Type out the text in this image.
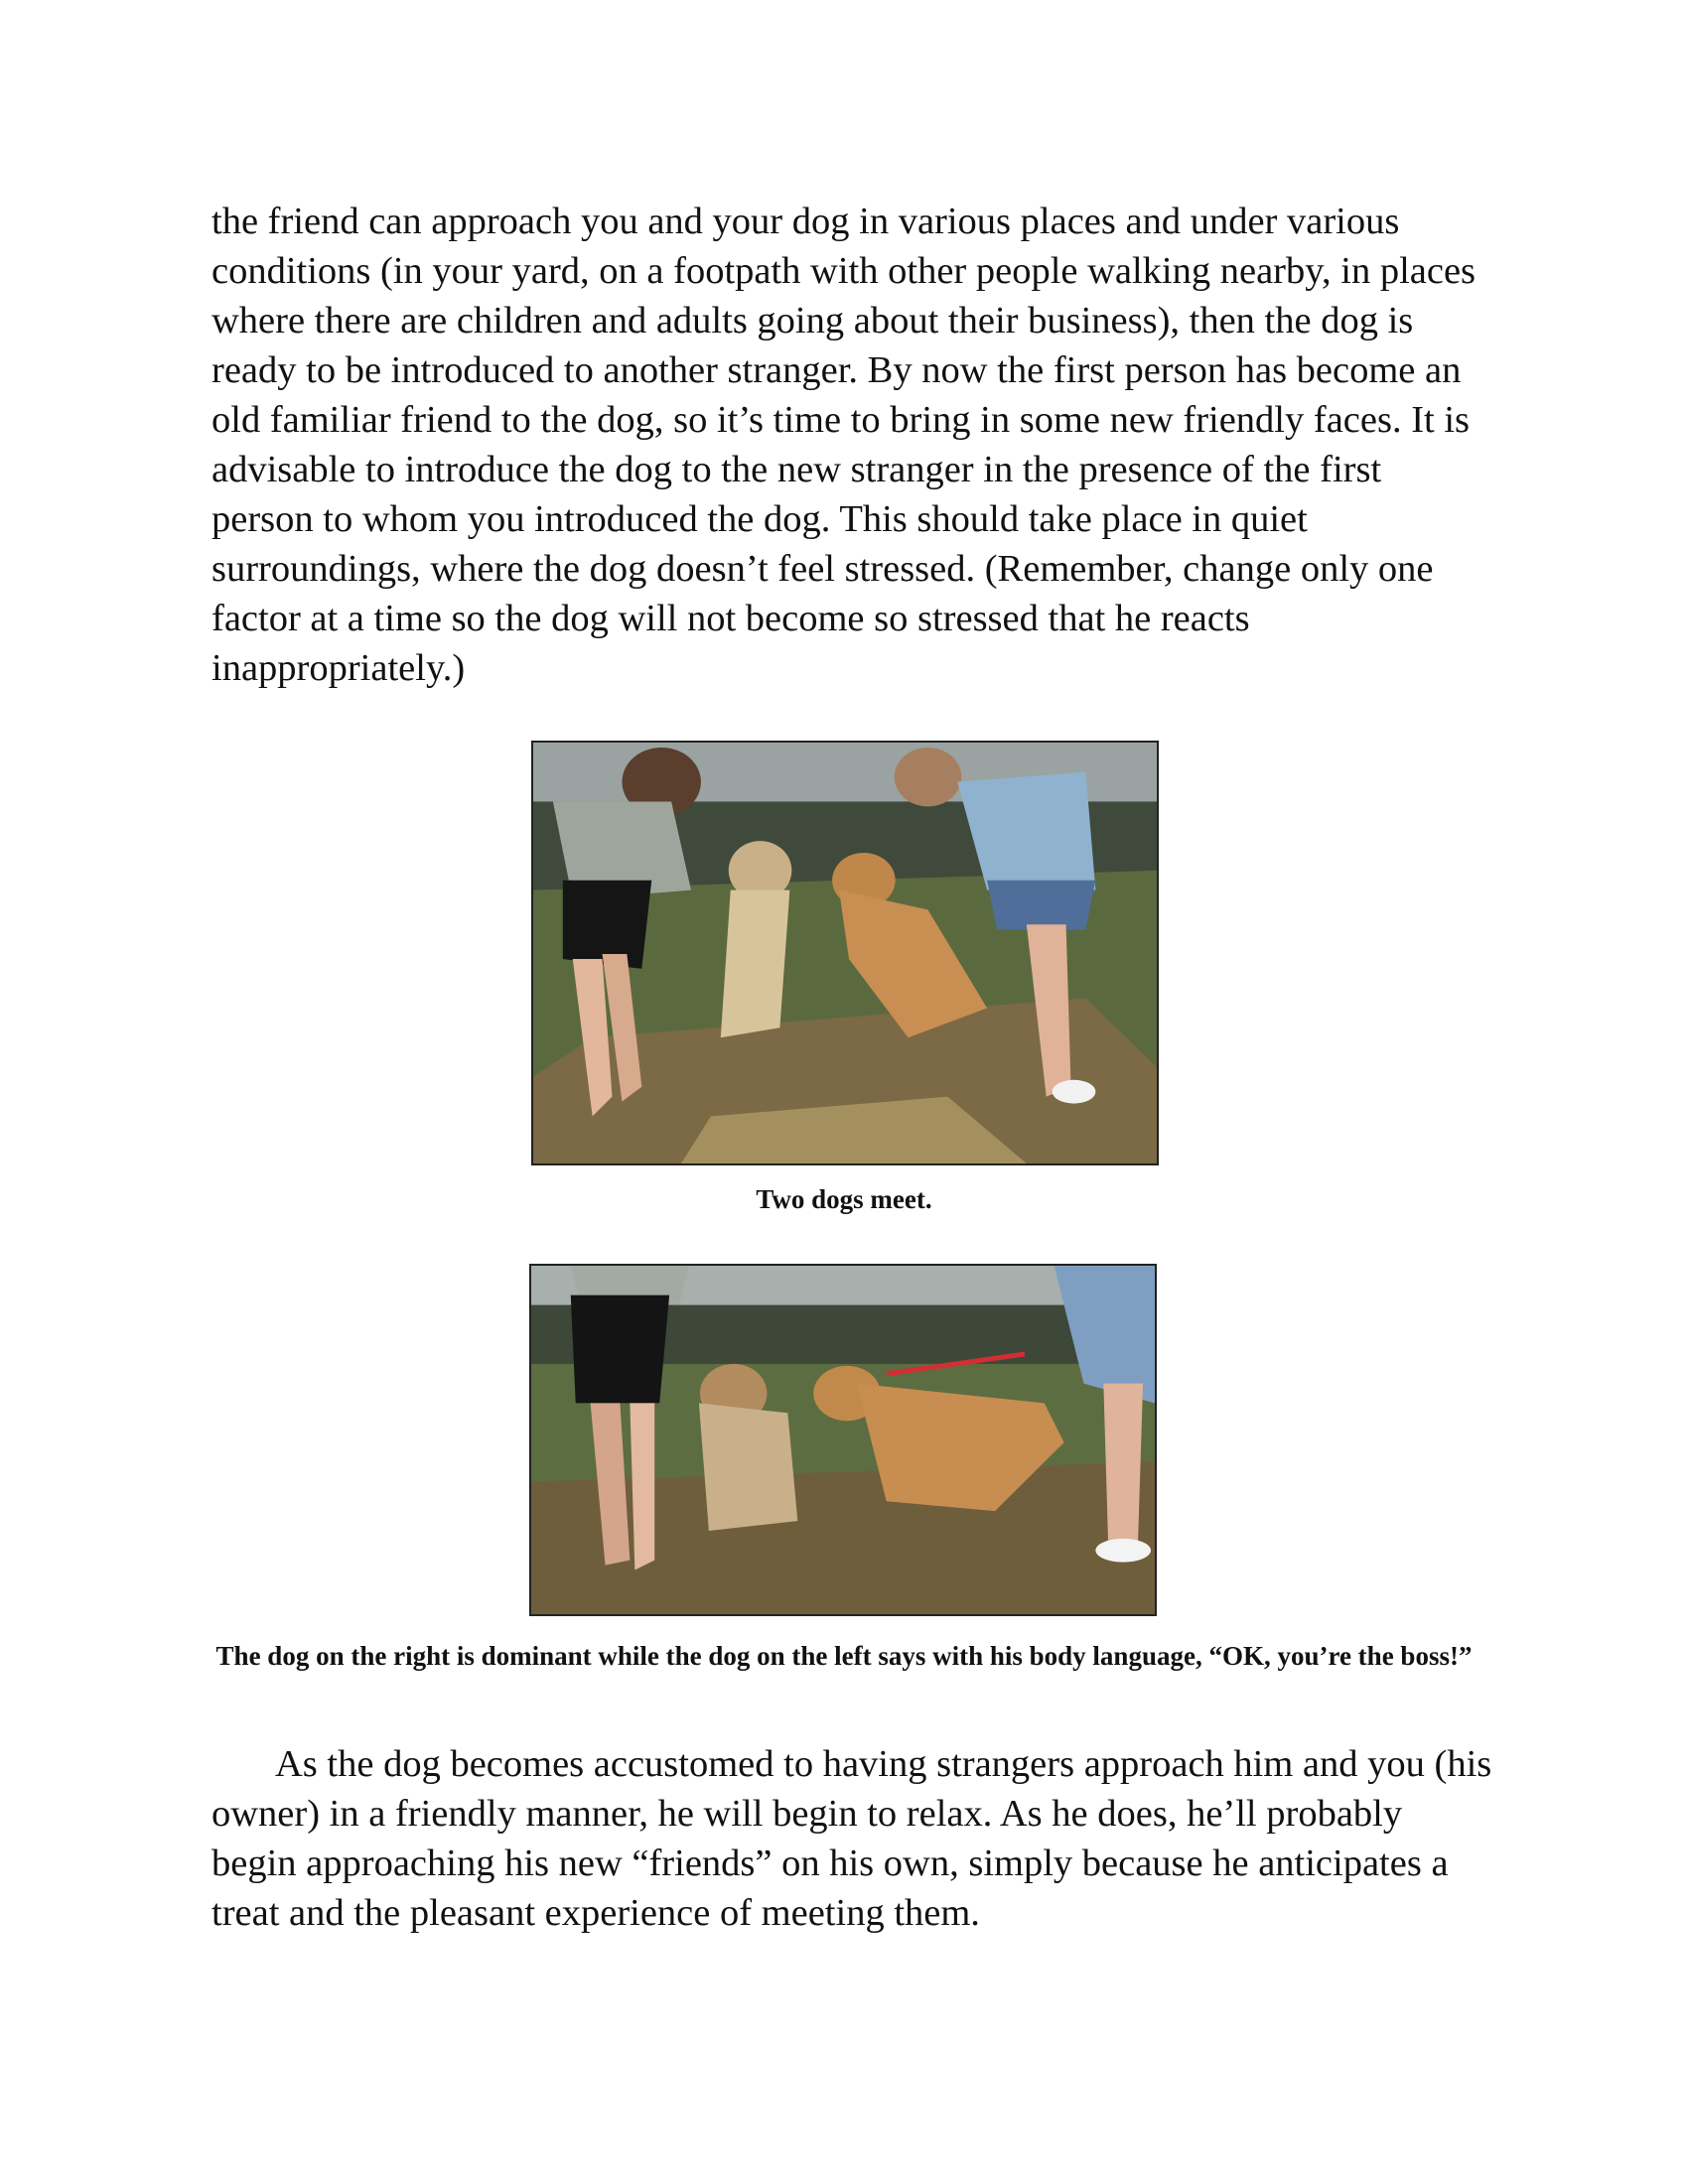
the friend can approach you and your dog in various places and under various conditions (in your yard, on a footpath with other people walking nearby, in places where there are children and adults going about their business), then the dog is ready to be introduced to another stranger. By now the first person has become an old familiar friend to the dog, so it’s time to bring in some new friendly faces. It is advisable to introduce the dog to the new stranger in the presence of the first person to whom you introduced the dog. This should take place in quiet surroundings, where the dog doesn’t feel stressed. (Remember, change only one factor at a time so the dog will not become so stressed that he reacts inappropriately.)

Two dogs meet.

The dog on the right is dominant while the dog on the left says with his body language, “OK, you’re the boss!”

As the dog becomes accustomed to having strangers approach him and you (his owner) in a friendly manner, he will begin to relax. As he does, he’ll probably begin approaching his new “friends” on his own, simply because he anticipates a treat and the pleasant experience of meeting them.
